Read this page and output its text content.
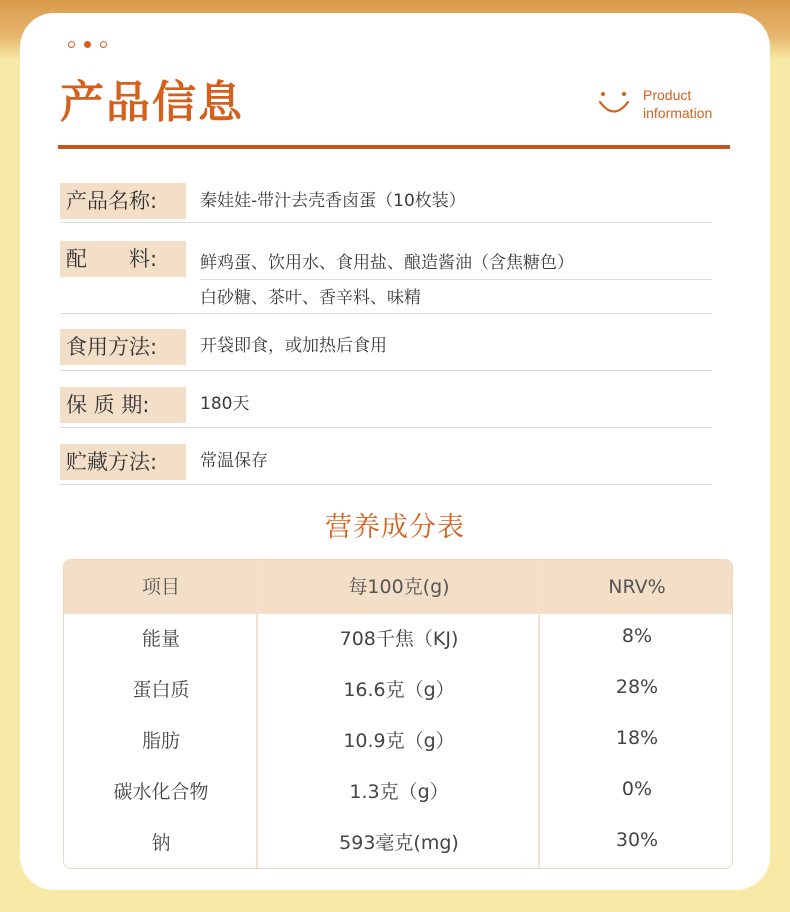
产品信息	Product
information
产品名称:	秦娃娃-带汁去壳香卤蛋（10枚装）
配　　料:	鲜鸡蛋、饮用水、食用盐、酿造酱油（含焦糖色）
白砂糖、茶叶、香辛料、味精
食用方法:	开袋即食，或加热后食用
保 质 期:	180天
贮藏方法:	常温保存
营养成分表
项目	每100克(g)	NRV%
能量	708千焦（KJ)	8%
蛋白质	16.6克（g）	28%
脂肪	10.9克（g）	18%
碳水化合物	1.3克（g）	0%
钠	593毫克(mg)	30%
